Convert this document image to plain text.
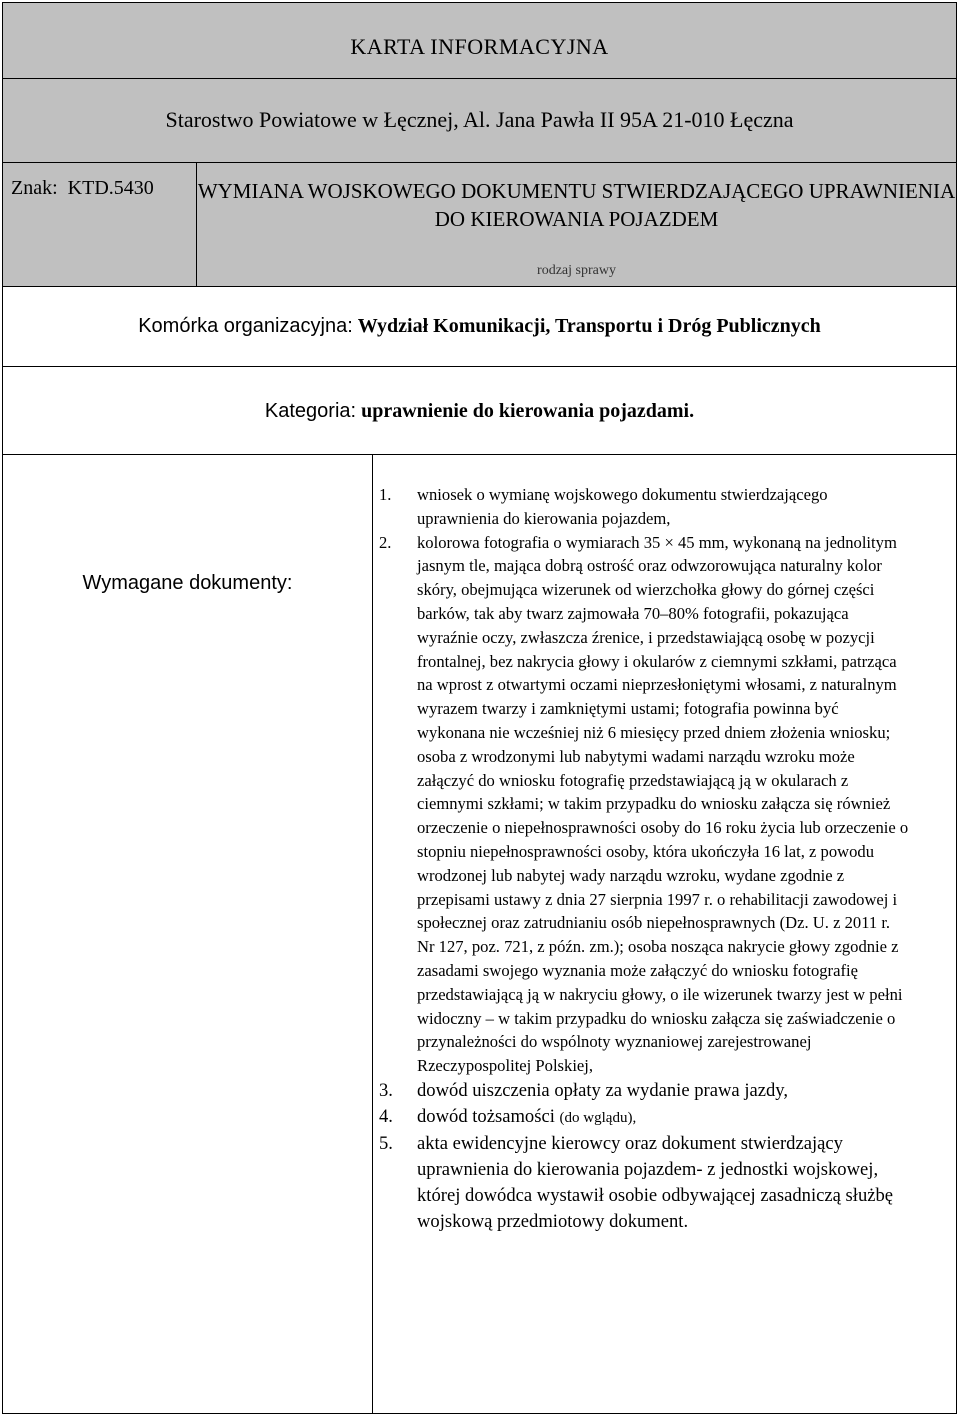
KARTA INFORMACYJNA
Starostwo Powiatowe w Łęcznej, Al. Jana Pawła II 95A 21-010 Łęczna
Znak: KTD.5430 WYMIANA WOJSKOWEGO DOKUMENTU STWIERDZAJĄCEGO UPRAWNIENIA DO KIEROWANIA POJAZDEM
rodzaj sprawy
Komórka organizacyjna: Wydział Komunikacji, Transportu i Dróg Publicznych
Kategoria: uprawnienie do kierowania pojazdami.
Wymagane dokumenty:
1. wniosek o wymianę wojskowego dokumentu stwierdzającego uprawnienia do kierowania pojazdem,
2. kolorowa fotografia o wymiarach 35 × 45 mm, wykonaną na jednolitym jasnym tle, mająca dobrą ostrość oraz odwzorowująca naturalny kolor skóry, obejmująca wizerunek od wierzchołka głowy do górnej części barków, tak aby twarz zajmowała 70–80% fotografii, pokazująca wyraźnie oczy, zwłaszcza źrenice, i przedstawiającą osobę w pozycji frontalnej, bez nakrycia głowy i okularów z ciemnymi szkłami, patrząca na wprost z otwartymi oczami nieprzesłoniętymi włosami, z naturalnym wyrazem twarzy i zamkniętymi ustami; fotografia powinna być wykonana nie wcześniej niż 6 miesięcy przed dniem złożenia wniosku; osoba z wrodzonymi lub nabytymi wadami narządu wzroku może załączyć do wniosku fotografię przedstawiającą ją w okularach z ciemnymi szkłami; w takim przypadku do wniosku załącza się również orzeczenie o niepełnosprawności osoby do 16 roku życia lub orzeczenie o stopniu niepełnosprawności osoby, która ukończyła 16 lat, z powodu wrodzonej lub nabytej wady narządu wzroku, wydane zgodnie z przepisami ustawy z dnia 27 sierpnia 1997 r. o rehabilitacji zawodowej i społecznej oraz zatrudnianiu osób niepełnosprawnych (Dz. U. z 2011 r. Nr 127, poz. 721, z późn. zm.); osoba nosząca nakrycie głowy zgodnie z zasadami swojego wyznania może załączyć do wniosku fotografię przedstawiającą ją w nakryciu głowy, o ile wizerunek twarzy jest w pełni widoczny – w takim przypadku do wniosku załącza się zaświadczenie o przynależności do wspólnoty wyznaniowej zarejestrowanej Rzeczypospolitej Polskiej,
3. dowód uiszczenia opłaty za wydanie prawa jazdy,
4. dowód tożsamości (do wglądu),
5. akta ewidencyjne kierowcy oraz dokument stwierdzający uprawnienia do kierowania pojazdem- z jednostki wojskowej, której dowódca wystawił osobie odbywającej zasadniczą służbę wojskową przedmiotowy dokument.
